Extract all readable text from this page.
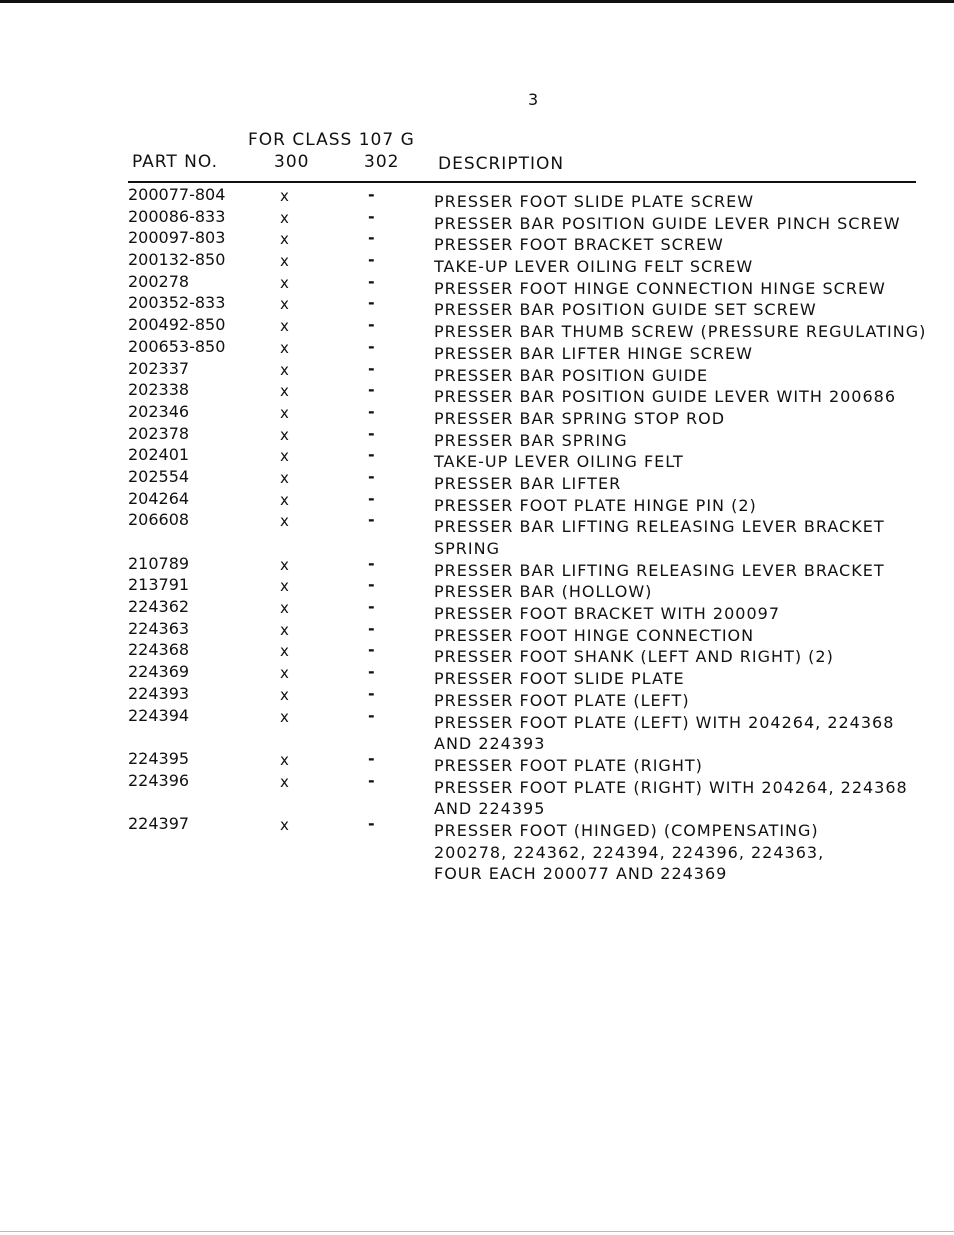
3
FOR CLASS 107 G
PART NO.	300	302 DESCRIPTION
200077-804	x	-	PRESSER FOOT SLIDE PLATE SCREW
200086-833	x	-	PRESSER BAR POSITION GUIDE LEVER PINCH SCREW
200097-803	x	-	PRESSER FOOT BRACKET SCREW
200132-850	x	-	TAKE-UP LEVER OILING FELT SCREW
200278	x	-	PRESSER FOOT HINGE CONNECTION HINGE SCREW
200352-833	x	-	PRESSER BAR POSITION GUIDE SET SCREW
200492-850	x	-	PRESSER BAR THUMB SCREW (PRESSURE REGULATING)
200653-850	x	-	PRESSER BAR LIFTER HINGE SCREW
202337	x	-	PRESSER BAR POSITION GUIDE
202338	x	-	PRESSER BAR POSITION GUIDE LEVER WITH 200686
202346	x	-	PRESSER BAR SPRING STOP ROD
202378	x	-	PRESSER BAR SPRING
202401	x	-	TAKE-UP LEVER OILING FELT
202554	x	-	PRESSER BAR LIFTER
204264	x	-	PRESSER FOOT PLATE HINGE PIN (2)
206608	x	-	PRESSER BAR LIFTING RELEASING LEVER BRACKET
SPRING
210789	x	-	PRESSER BAR LIFTING RELEASING LEVER BRACKET
213791	x	-	PRESSER BAR (HOLLOW)
224362	x	-	PRESSER FOOT BRACKET WITH 200097
224363	x	-	PRESSER FOOT HINGE CONNECTION
224368	x	-	PRESSER FOOT SHANK (LEFT AND RIGHT) (2)
224369	x	-	PRESSER FOOT SLIDE PLATE
224393	x	-	PRESSER FOOT PLATE (LEFT)
224394	x	-	PRESSER FOOT PLATE (LEFT) WITH 204264, 224368
AND 224393
224395	x	-	PRESSER FOOT PLATE (RIGHT)
224396	x	-	PRESSER FOOT PLATE (RIGHT) WITH 204264, 224368
AND 224395
224397	x	-	PRESSER FOOT (HINGED) (COMPENSATING)
200278, 224362, 224394, 224396, 224363,
FOUR EACH 200077 AND 224369
